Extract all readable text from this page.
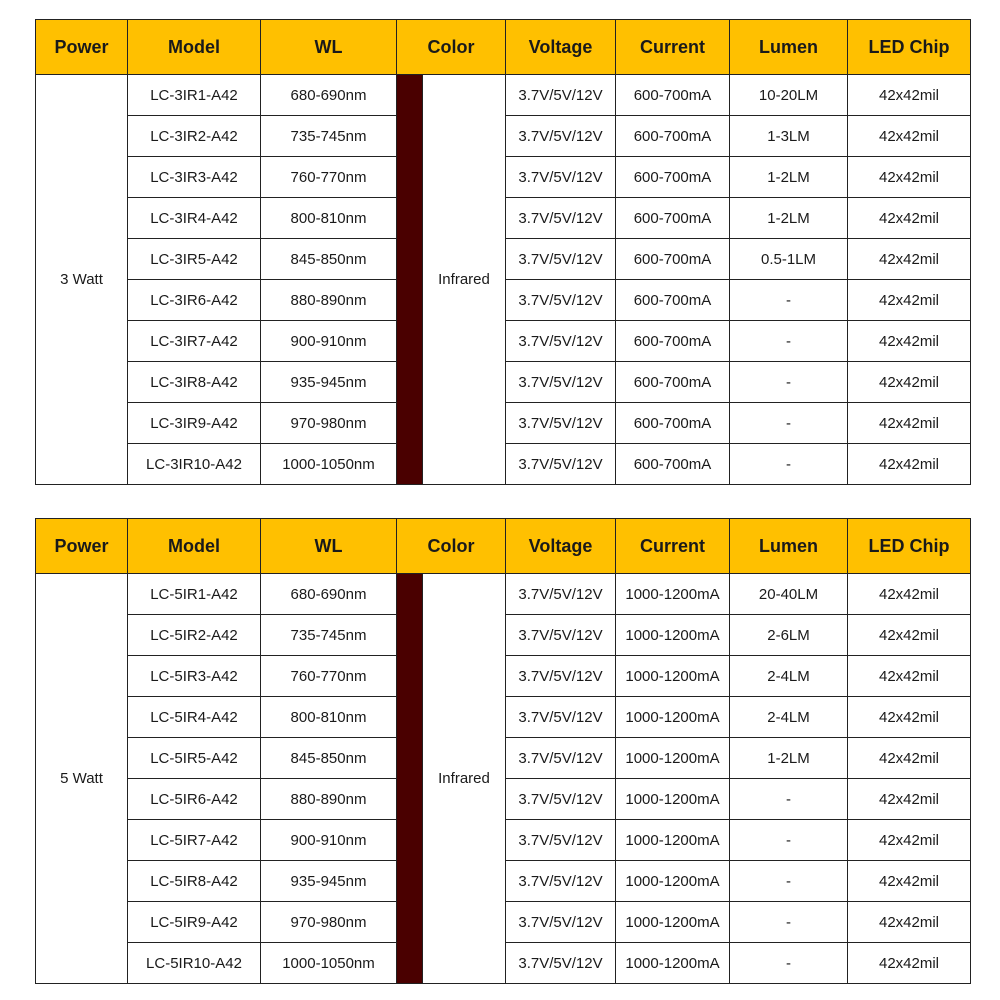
Power	Model	WL	Color		Voltage	Current	Lumen	LED Chip
3 Watt	LC-3IR1-A42	680-690nm		Infrared	3.7V/5V/12V	600-700mA	10-20LM	42x42mil
	LC-3IR2-A42	735-745nm			3.7V/5V/12V	600-700mA	1-3LM	42x42mil
	LC-3IR3-A42	760-770nm			3.7V/5V/12V	600-700mA	1-2LM	42x42mil
	LC-3IR4-A42	800-810nm			3.7V/5V/12V	600-700mA	1-2LM	42x42mil
	LC-3IR5-A42	845-850nm			3.7V/5V/12V	600-700mA	0.5-1LM	42x42mil
	LC-3IR6-A42	880-890nm			3.7V/5V/12V	600-700mA	-	42x42mil
	LC-3IR7-A42	900-910nm			3.7V/5V/12V	600-700mA	-	42x42mil
	LC-3IR8-A42	935-945nm			3.7V/5V/12V	600-700mA	-	42x42mil
	LC-3IR9-A42	970-980nm			3.7V/5V/12V	600-700mA	-	42x42mil
	LC-3IR10-A42	1000-1050nm			3.7V/5V/12V	600-700mA	-	42x42mil
Power	Model	WL	Color		Voltage	Current	Lumen	LED Chip
5 Watt	LC-5IR1-A42	680-690nm		Infrared	3.7V/5V/12V	1000-1200mA	20-40LM	42x42mil
	LC-5IR2-A42	735-745nm			3.7V/5V/12V	1000-1200mA	2-6LM	42x42mil
	LC-5IR3-A42	760-770nm			3.7V/5V/12V	1000-1200mA	2-4LM	42x42mil
	LC-5IR4-A42	800-810nm			3.7V/5V/12V	1000-1200mA	2-4LM	42x42mil
	LC-5IR5-A42	845-850nm			3.7V/5V/12V	1000-1200mA	1-2LM	42x42mil
	LC-5IR6-A42	880-890nm			3.7V/5V/12V	1000-1200mA	-	42x42mil
	LC-5IR7-A42	900-910nm			3.7V/5V/12V	1000-1200mA	-	42x42mil
	LC-5IR8-A42	935-945nm			3.7V/5V/12V	1000-1200mA	-	42x42mil
	LC-5IR9-A42	970-980nm			3.7V/5V/12V	1000-1200mA	-	42x42mil
	LC-5IR10-A42	1000-1050nm			3.7V/5V/12V	1000-1200mA	-	42x42mil
